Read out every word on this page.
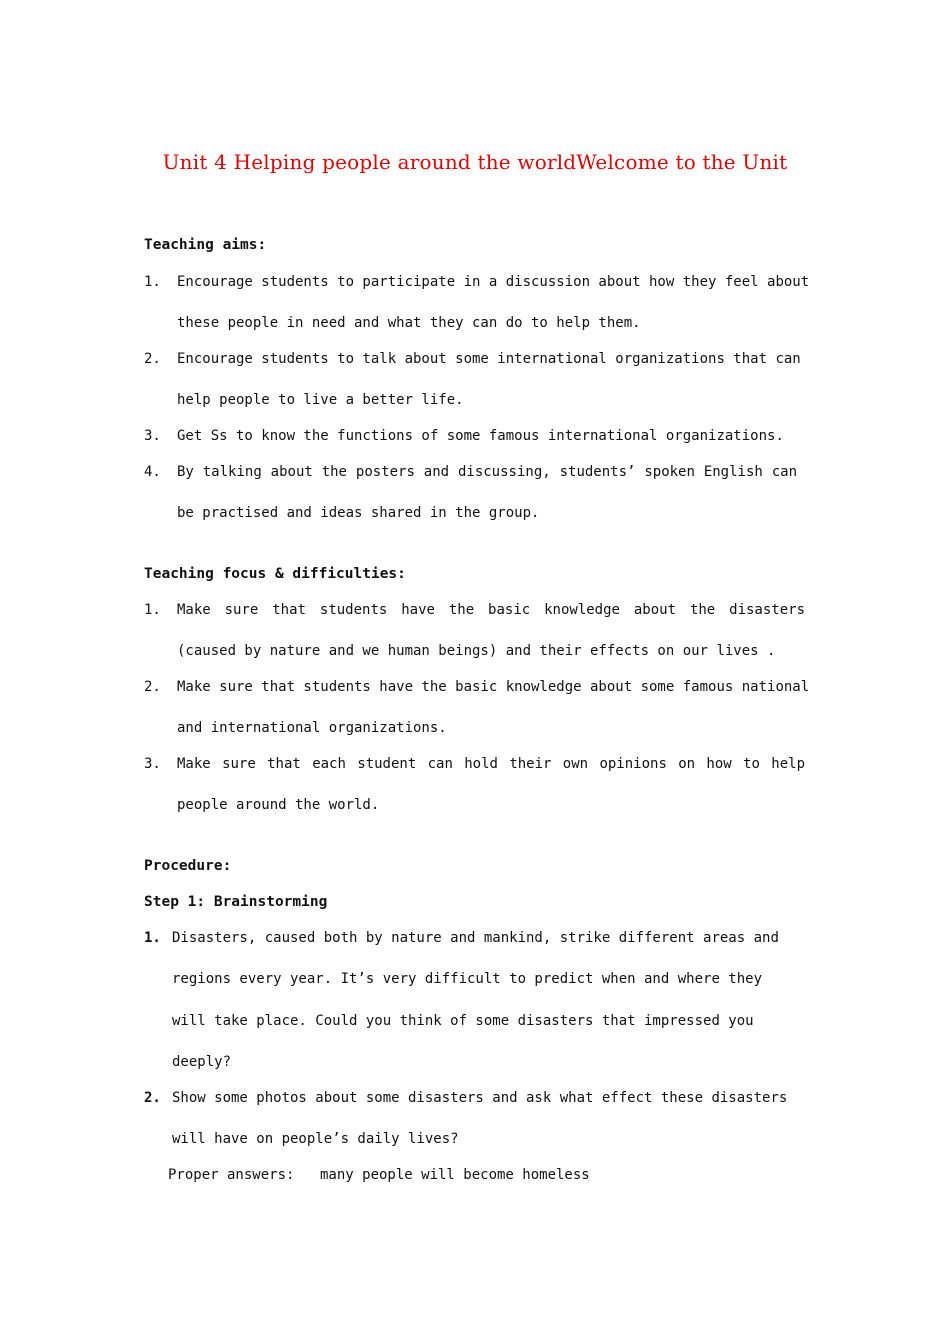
Unit 4 Helping people around the worldWelcome to the Unit
Teaching aims:
1. Encourage students to participate in a discussion about how they feel about
these people in need and what they can do to help them.
2. Encourage students to talk about some international organizations that can
help people to live a better life.
3. Get Ss to know the functions of some famous international organizations.
4. By talking about the posters and discussing, students’ spoken English can
be practised and ideas shared in the group.
Teaching focus & difficulties:
1. Make sure that students have the basic knowledge about the disasters
(caused by nature and we human beings) and their effects on our lives .
2. Make sure that students have the basic knowledge about some famous national
and international organizations.
3. Make sure that each student can hold their own opinions on how to help
people around the world.
Procedure:
Step 1: Brainstorming
1. Disasters, caused both by nature and mankind, strike different areas and
regions every year. It’s very difficult to predict when and where they
will take place. Could you think of some disasters that impressed you
deeply?
2. Show some photos about some disasters and ask what effect these disasters
will have on people’s daily lives?
Proper answers: many people will become homeless
